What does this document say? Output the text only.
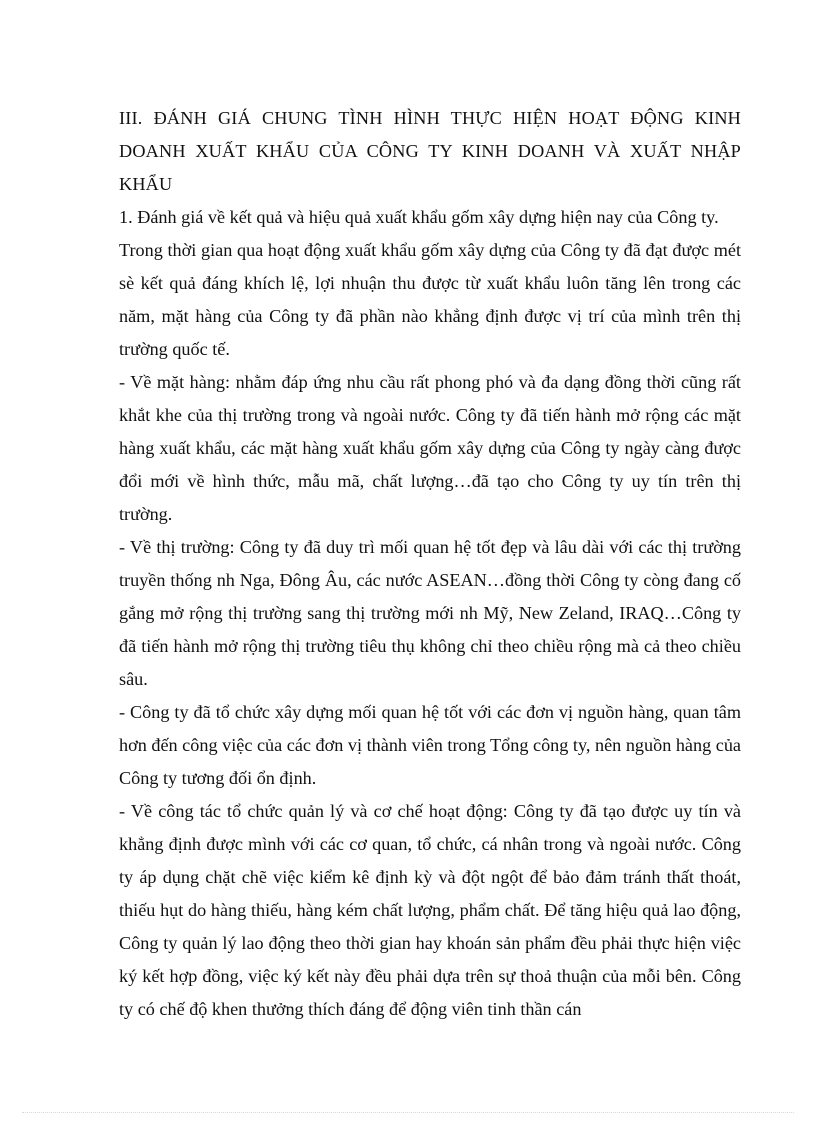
III. ĐÁNH GIÁ CHUNG TÌNH HÌNH THỰC HIỆN HOẠT ĐỘNG KINH DOANH XUẤT KHẨU CỦA CÔNG TY KINH DOANH VÀ XUẤT NHẬP KHẨU

1. Đánh giá về kết quả và hiệu quả xuất khẩu gốm xây dựng hiện nay của Công ty.

Trong thời gian qua hoạt động xuất khẩu gốm xây dựng của Công ty đã đạt được mét sè kết quả đáng khích lệ, lợi nhuận thu được từ xuất khẩu luôn tăng lên trong các năm, mặt hàng của Công ty đã phần nào khẳng định được vị trí của mình trên thị trường quốc tế.

- Về mặt hàng: nhằm đáp ứng nhu cầu rất phong phó và đa dạng đồng thời cũng rất khắt khe của thị trường trong và ngoài nước. Công ty đã tiến hành mở rộng các mặt hàng xuất khẩu, các mặt hàng xuất khẩu gốm xây dựng của Công ty ngày càng được đổi mới về hình thức, mẫu mã, chất lượng…đã tạo cho Công ty uy tín trên thị trường.

- Về thị trường: Công ty đã duy trì mối quan hệ tốt đẹp và lâu dài với các thị trường truyền thống nh Nga, Đông Âu, các nước ASEAN…đồng thời Công ty còng đang cố gắng mở rộng thị trường sang thị trường mới nh Mỹ, New Zeland, IRAQ…Công ty đã tiến hành mở rộng thị trường tiêu thụ không chỉ theo chiều rộng mà cả theo chiều sâu.

- Công ty đã tổ chức xây dựng mối quan hệ tốt với các đơn vị nguồn hàng, quan tâm hơn đến công việc của các đơn vị thành viên trong Tổng công ty, nên nguồn hàng của Công ty tương đối ổn định.

- Về công tác tổ chức quản lý và cơ chế hoạt động: Công ty đã tạo được uy tín và khẳng định được mình với các cơ quan, tổ chức, cá nhân trong và ngoài nước. Công ty áp dụng chặt chẽ việc kiểm kê định kỳ và đột ngột để bảo đảm tránh thất thoát, thiếu hụt do hàng thiếu, hàng kém chất lượng, phẩm chất. Để tăng hiệu quả lao động, Công ty quản lý lao động theo thời gian hay khoán sản phẩm đều phải thực hiện việc ký kết hợp đồng, việc ký kết này đều phải dựa trên sự thoả thuận của mỗi bên. Công ty có chế độ khen thưởng thích đáng để động viên tinh thần cán
